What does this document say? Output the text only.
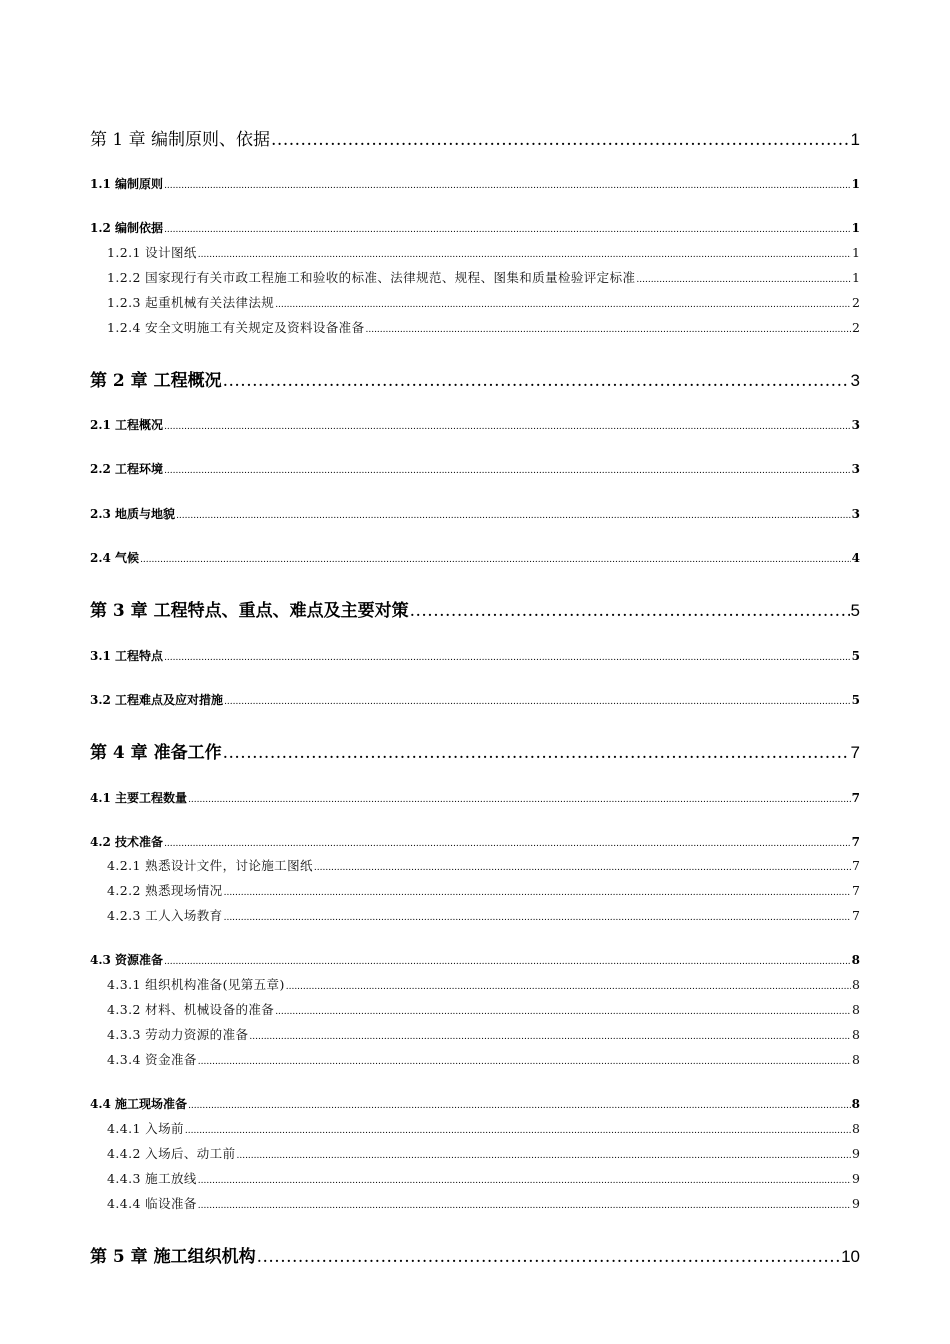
第 1 章 编制原则、依据 .....	1
1.1 编制原则 .....	1
1.2 编制依据 .....	1
1.2.1 设计图纸 .....	1
1.2.2 国家现行有关市政工程施工和验收的标准、法律规范、规程、图集和质量检验评定标准 .....	1
1.2.3 起重机械有关法律法规 .....	2
1.2.4 安全文明施工有关规定及资料设备准备 .....	2
第 2 章 工程概况 .....	3
2.1 工程概况 .....	3
2.2 工程环境 .....	3
2.3 地质与地貌 .....	3
2.4 气候 .....	4
第 3 章 工程特点、重点、难点及主要对策 .....	5
3.1 工程特点 .....	5
3.2 工程难点及应对措施 .....	5
第 4 章 准备工作 .....	7
4.1 主要工程数量 .....	7
4.2 技术准备 .....	7
4.2.1 熟悉设计文件，讨论施工图纸 .....	7
4.2.2 熟悉现场情况 .....	7
4.2.3 工人入场教育 .....	7
4.3 资源准备 .....	8
4.3.1 组织机构准备(见第五章) .....	8
4.3.2 材料、机械设备的准备 .....	8
4.3.3 劳动力资源的准备 .....	8
4.3.4 资金准备 .....	8
4.4 施工现场准备 .....	8
4.4.1 入场前 .....	8
4.4.2 入场后、动工前 .....	9
4.4.3 施工放线 .....	9
4.4.4 临设准备 .....	9
第 5 章 施工组织机构 .....	10
